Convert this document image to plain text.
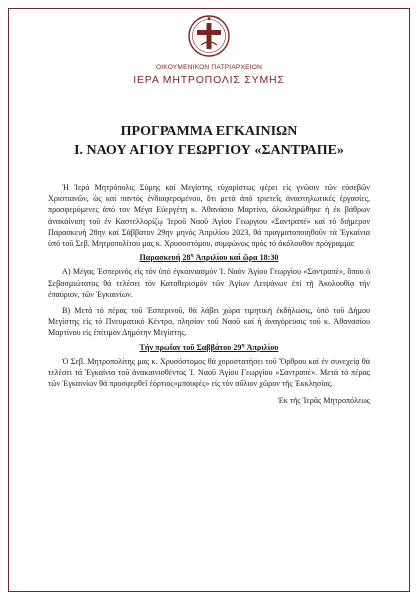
ΟΙΚΟΥΜΕΝΙΚΟΝ ΠΑΤΡΙΑΡΧΕΙΟΝ
ΙΕΡΑ ΜΗΤΡΟΠΟΛΙΣ ΣΥΜΗΣ
ΠΡΟΓΡΑΜΜΑ ΕΓΚΑΙΝΙΩΝ
Ι. ΝΑΟΥ ΑΓΙΟΥ ΓΕΩΡΓΙΟΥ «ΣΑΝΤΡΑΠΕ»

Ἡ Ἱερά Μητρόπολις Σύμης καί Μεγίστης εὐχαρίστως φέρει εἰς γνῶσιν τῶν εὐσεβῶν Χριστιανῶν, ὡς καί παντός ἐνδιαφερομένου, ὅτι μετά ἀπό τριετεῖς ἀναστηλωτικές ἐργασίες, προσφερόμενες ἀπό τον Μέγα Εὐεργέτη κ. Ἀθανάσιο Μαρτίνο, ὁλοκληρώθηκε ἡ ἐκ βάθρων ἀνακαίνιση τοῦ ἐν Καστελλορίζῳ Ἱεροῦ Ναοῦ Ἁγίου Γεωργίου «Σαντραπέ» καί τό διήμερον Παρασκευή 28ην καί Σάββατον 29ην μηνός Ἀπριλίου 2023, θά πραγματοποιηθοῦν τά Ἐγκαίνια ὑπό τοῦ Σεβ. Μητροπολίτου μας κ. Χρυσοστόμου, συμφώνως πρός τό ἀκόλουθον πρόγραμμα:

Παρασκευή $28^\eta$ Ἀπριλίου καί ὥρα 18:30

Α) Μέγας Ἑσπερινός εἰς τόν ὑπό ἐγκαινιασμόν Ἱ. Ναόν Ἁγίου Γεωργίου «Σαντραπέ», ὅπου ὁ Σεβασμιώτατος θά τελέσει τόν Καταθερισμόν τῶν Ἁγίων Λειψάνων ἐπί τῇ Ἀκολουθίᾳ τήν ἐπαύριον, τῶν Ἐγκαινίων.

Β) Μετά τό πέρας τοῦ Ἑσπερινοῦ, θά λάβει χώρα τιμητική ἐκδήλωσις, ὑπό τοῦ Δήμου Μεγίστης εἰς τό Πνευματικό Κέντρο, πλησίον τοῦ Ναοῦ καί ἡ ἀναγόρευσις τοῦ κ. Ἀθανασίου Μαρτίνου εἰς ἐπίτιμον Δημότην Μεγίστης.

Τήν πρωΐαν τοῦ Σαββάτου $29^\eta$ Ἀπριλίου

Ὁ Σεβ. Μητροπολίτης μας κ. Χρυσόστομος θά χοροστατήσει τοῦ Ὄρθρου καί ἐν συνεχείᾳ θά τελέσει τά Ἐγκαίνια τοῦ ἀνακαινισθέντος Ἱ. Ναοῦ Ἁγίου Γεωργίου «Σαντραπέ». Μετά τό πέρας τῶν Ἐγκαινίων θά προσφερθεῖ ἐόρτιος«μπουφές» εἰς τόν αὔλιον χῶρον τῆς Ἐκκλησίας.

Ἐκ τῆς Ἱερᾶς Μητροπόλεως
